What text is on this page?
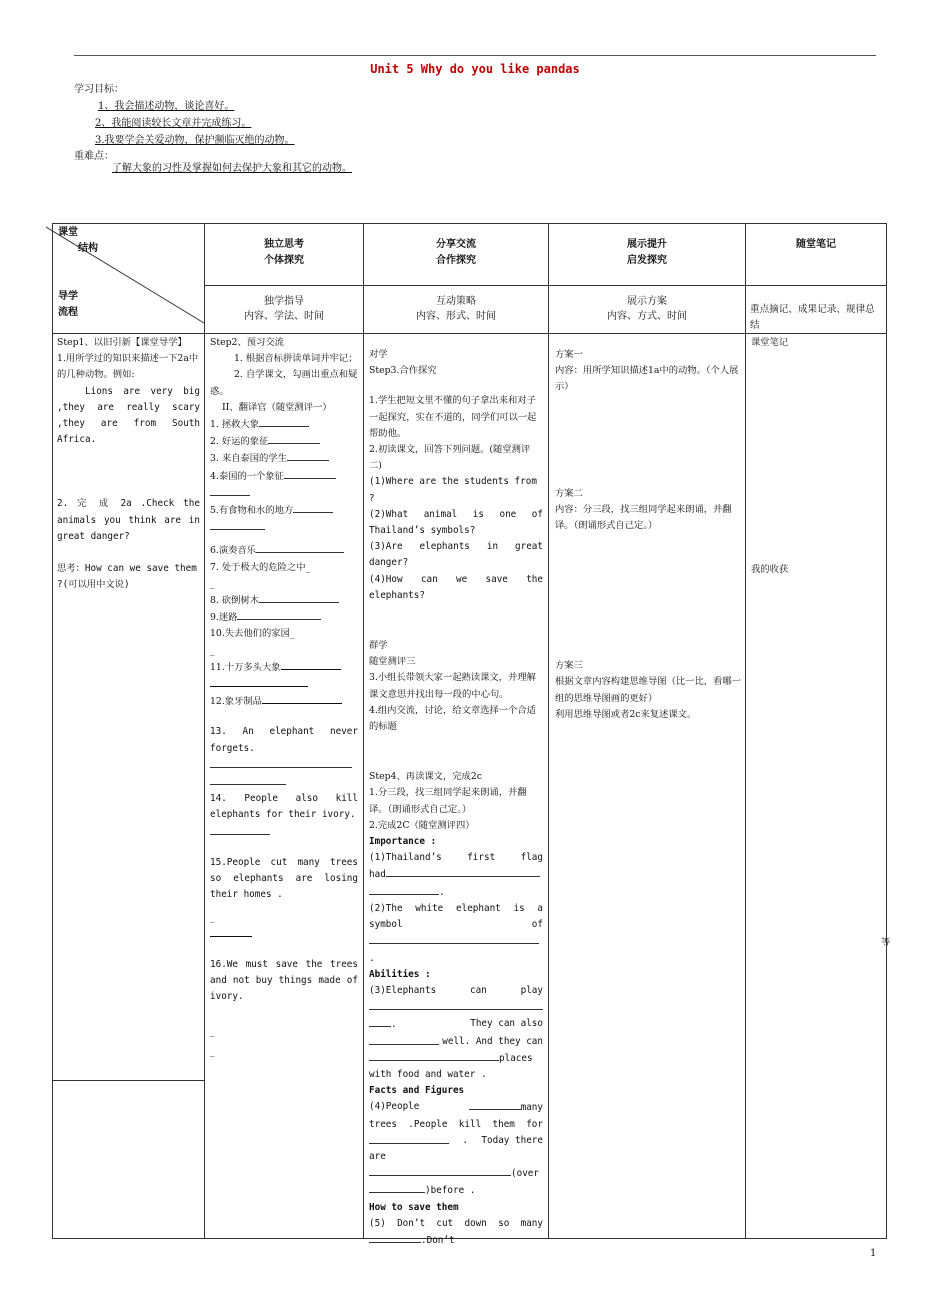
Unit 5 Why do you like pandas
学习目标：
1、我会描述动物，谈论喜好。
2、我能阅读较长文章并完成练习。
3.我要学会关爱动物，保护濒临灭绝的动物。
重难点：
了解大象的习性及掌握如何去保护大象和其它的动物。
课堂
结构
导学
流程
独立思考
个体探究
分享交流
合作探究
展示提升
启发探究
随堂笔记
独学指导
内容、学法、时间
互动策略
内容、形式、时间
展示方案
内容、方式、时间
重点摘记、成果记录、规律总结

Step1、以旧引新【课堂导学】

1.用所学过的知识来描述一下2a中的几种动物。例如:

Lions are very big ,they are really scary ,they are from South Africa.

2. 完 成 2a .Check the animals you think are in great danger?

思考：How can we save them ?(可以用中文说)

Step2、预习交流

1. 根据音标拼读单词并牢记；

2. 自学课文，勾画出重点和疑惑。

II、翻译官（随堂测评一）

1. 拯救大象

2. 好运的象征

3. 来自泰国的学生

4.泰国的一个象征

5.有食物和水的地方

6.演奏音乐

7. 处于极大的危险之中_

_

8. 砍倒树木

9.迷路

10.失去他们的家园_

_

11.十万多头大象

12.象牙制品

13. An elephant never forgets.

14. People also kill elephants for their ivory.

15.People cut many trees so elephants are losing their homes .

_

16.We must save the trees and not buy things made of ivory.

_

_

对学

Step3.合作探究

1.学生把短文里不懂的句子拿出来和对子一起探究，实在不道的，同学们可以一起帮助他。

2.初读课文，回答下列问题。(随堂测评二)

(1)Where are the students from ?

(2)What animal is one of Thailand’s symbols?

(3)Are elephants in great danger?

(4)How can we save the elephants?

群学

随堂测评三

3.小组长带领大家一起熟读课文，并理解课文意思并找出每一段的中心句。

4.组内交流，讨论，给文章选择一个合适的标题

Step4、再读课文，完成2c

1.分三段，找三组同学起来朗诵，并翻译。（朗诵形式自己定。）

2.完成2C（随堂测评四）

Importance :

(1)Thailand’s first flag

had

.

(2)The white elephant is a symbol of

.

Abilities :

(3)Elephants can play

.	They can also

well. And they can

places

with food and water .

Facts and Figures

(4)People	many

trees .People kill them for

. Today there

are

(over

)before .

How to save them

(5) Don’t cut down so many

.Don’t

方案一

内容：用所学知识描述1a中的动物。（个人展示）

方案二

内容：分三段，找三组同学起来朗诵，并翻译。（朗诵形式自己定。）

方案三

根据文章内容构建思维导图（比一比，看哪一组的思维导图画的更好）

利用思维导图或者2c来复述课文。

课堂笔记
我的收获
等
1
